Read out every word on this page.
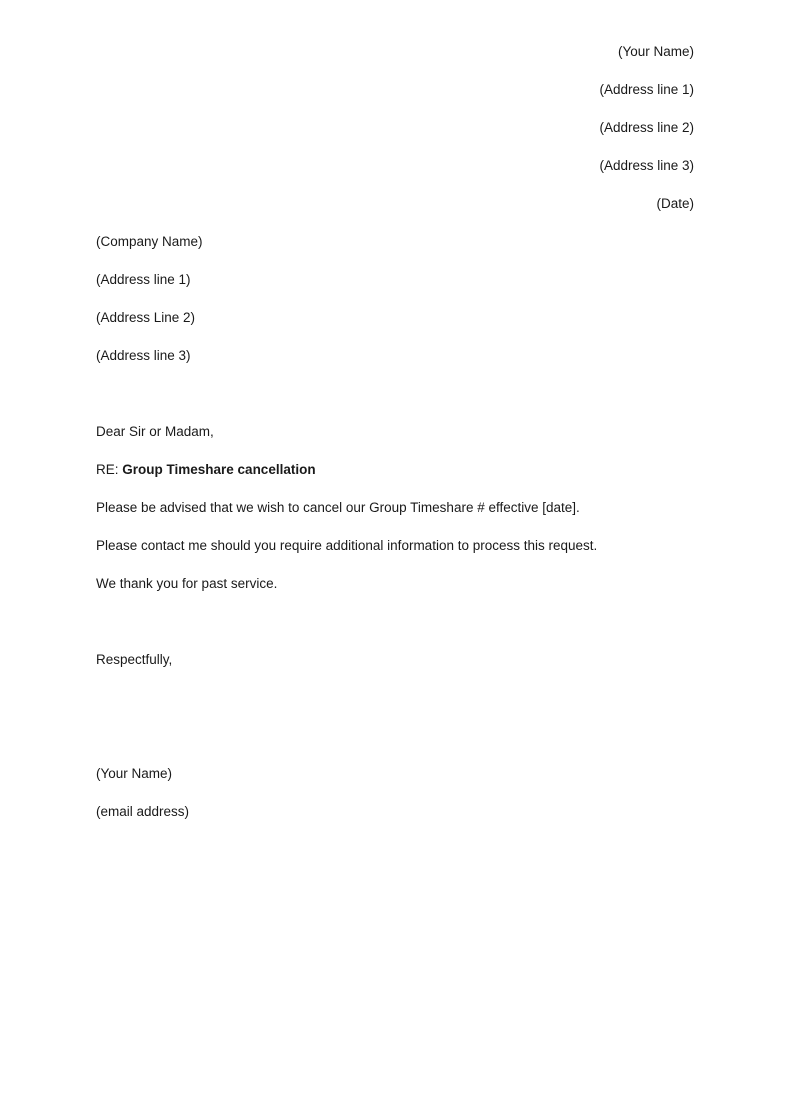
(Your Name)
(Address line 1)
(Address line 2)
(Address line 3)
(Date)
(Company Name)
(Address line 1)
(Address Line 2)
(Address line 3)
Dear Sir or Madam,
RE: Group Timeshare cancellation
Please be advised that we wish to cancel our Group Timeshare # effective [date].
Please contact me should you require additional information to process this request.
We thank you for past service.
Respectfully,
(Your Name)
(email address)
